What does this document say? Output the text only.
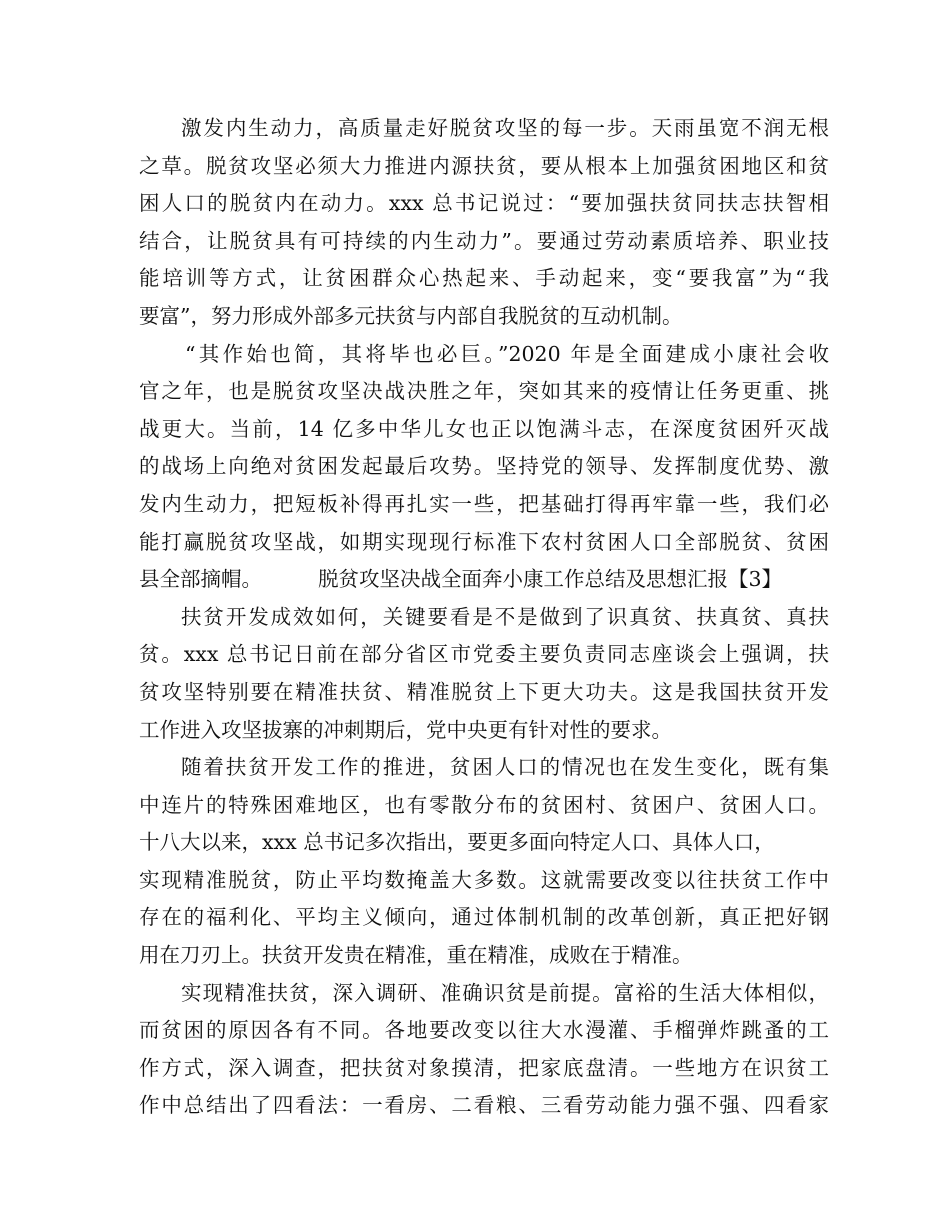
激发内生动力，高质量走好脱贫攻坚的每一步。天雨虽宽不润无根
之草。脱贫攻坚必须大力推进内源扶贫，要从根本上加强贫困地区和贫
困人口的脱贫内在动力。xxx 总书记说过：“要加强扶贫同扶志扶智相
结合，让脱贫具有可持续的内生动力”。要通过劳动素质培养、职业技
能培训等方式，让贫困群众心热起来、手动起来，变“要我富”为“我
要富”，努力形成外部多元扶贫与内部自我脱贫的互动机制。
“其作始也简，其将毕也必巨。”2020 年是全面建成小康社会收
官之年，也是脱贫攻坚决战决胜之年，突如其来的疫情让任务更重、挑
战更大。当前，14 亿多中华儿女也正以饱满斗志，在深度贫困歼灭战
的战场上向绝对贫困发起最后攻势。坚持党的领导、发挥制度优势、激
发内生动力，把短板补得再扎实一些，把基础打得再牢靠一些，我们必
能打赢脱贫攻坚战，如期实现现行标准下农村贫困人口全部脱贫、贫困
县全部摘帽。	脱贫攻坚决战全面奔小康工作总结及思想汇报【3】
扶贫开发成效如何，关键要看是不是做到了识真贫、扶真贫、真扶
贫。xxx 总书记日前在部分省区市党委主要负责同志座谈会上强调，扶
贫攻坚特别要在精准扶贫、精准脱贫上下更大功夫。这是我国扶贫开发
工作进入攻坚拔寨的冲刺期后，党中央更有针对性的要求。
随着扶贫开发工作的推进，贫困人口的情况也在发生变化，既有集
中连片的特殊困难地区，也有零散分布的贫困村、贫困户、贫困人口。
十八大以来，xxx 总书记多次指出，要更多面向特定人口、具体人口，
实现精准脱贫，防止平均数掩盖大多数。这就需要改变以往扶贫工作中
存在的福利化、平均主义倾向，通过体制机制的改革创新，真正把好钢
用在刀刃上。扶贫开发贵在精准，重在精准，成败在于精准。
实现精准扶贫，深入调研、准确识贫是前提。富裕的生活大体相似，
而贫困的原因各有不同。各地要改变以往大水漫灌、手榴弹炸跳蚤的工
作方式，深入调查，把扶贫对象摸清，把家底盘清。一些地方在识贫工
作中总结出了四看法：一看房、二看粮、三看劳动能力强不强、四看家
